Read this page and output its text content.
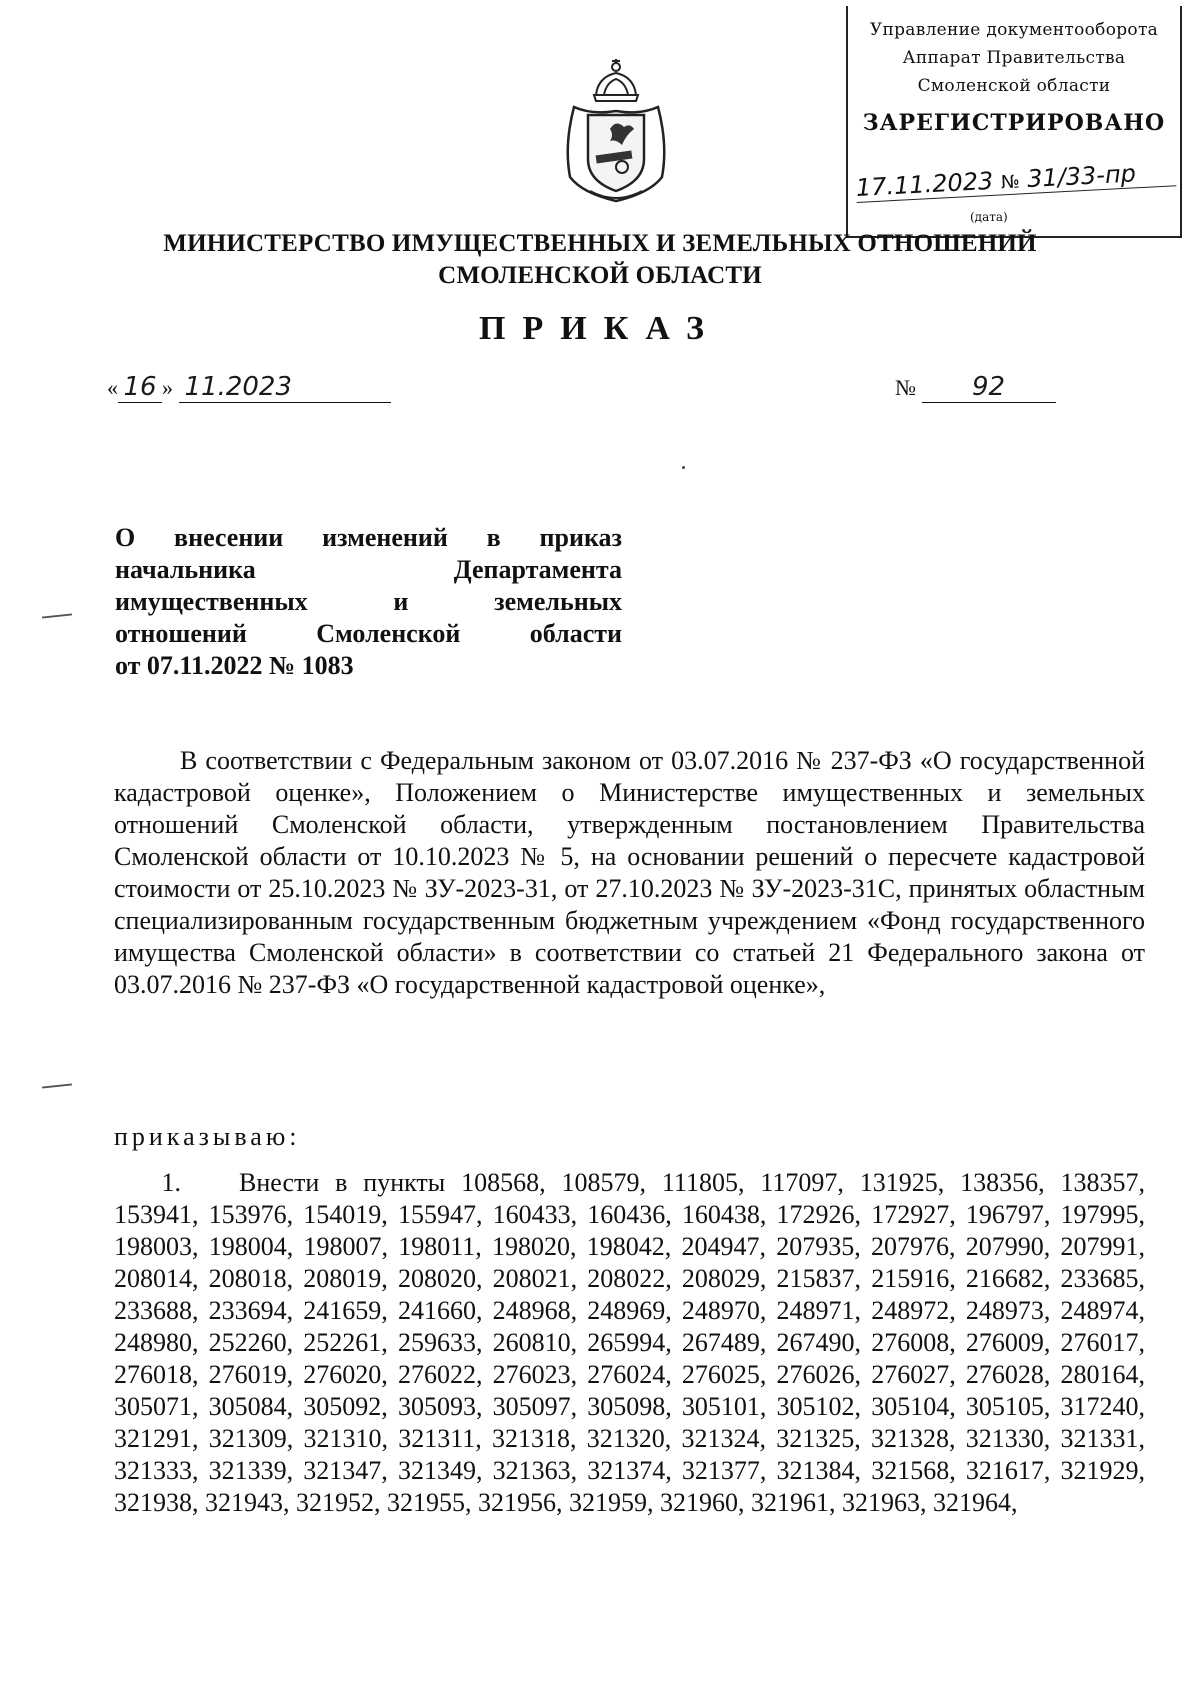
Управление документооборота
Аппарат Правительства
Смоленской области
ЗАРЕГИСТРИРОВАНО
17.11.2023 № 31/33-пр
(дата)
МИНИСТЕРСТВО ИМУЩЕСТВЕННЫХ И ЗЕМЕЛЬНЫХ ОТНОШЕНИЙ
СМОЛЕНСКОЙ ОБЛАСТИ
ПРИКАЗ
« 16 » 11.2023	№ 92
О внесении изменений в приказ
начальника	Департамента
имущественных	и	земельных
отношений	Смоленской	области
от 07.11.2022 № 1083
В соответствии с Федеральным законом от 03.07.2016 № 237-ФЗ «О государственной кадастровой оценке», Положением о Министерстве имущественных и земельных отношений Смоленской области, утвержденным постановлением Правительства Смоленской области от 10.10.2023 № 5, на основании решений о пересчете кадастровой стоимости от 25.10.2023 № ЗУ-2023-31, от 27.10.2023 № ЗУ-2023-31С, принятых областным специализированным государственным бюджетным учреждением «Фонд государственного имущества Смоленской области» в соответствии со статьей 21 Федерального закона от 03.07.2016 № 237-ФЗ «О государственной кадастровой оценке»,
приказываю:
1. Внести в пункты 108568, 108579, 111805, 117097, 131925, 138356, 138357, 153941, 153976, 154019, 155947, 160433, 160436, 160438, 172926, 172927, 196797, 197995, 198003, 198004, 198007, 198011, 198020, 198042, 204947, 207935, 207976, 207990, 207991, 208014, 208018, 208019, 208020, 208021, 208022, 208029, 215837, 215916, 216682, 233685, 233688, 233694, 241659, 241660, 248968, 248969, 248970, 248971, 248972, 248973, 248974, 248980, 252260, 252261, 259633, 260810, 265994, 267489, 267490, 276008, 276009, 276017, 276018, 276019, 276020, 276022, 276023, 276024, 276025, 276026, 276027, 276028, 280164, 305071, 305084, 305092, 305093, 305097, 305098, 305101, 305102, 305104, 305105, 317240, 321291, 321309, 321310, 321311, 321318, 321320, 321324, 321325, 321328, 321330, 321331, 321333, 321339, 321347, 321349, 321363, 321374, 321377, 321384, 321568, 321617, 321929, 321938, 321943, 321952, 321955, 321956, 321959, 321960, 321961, 321963, 321964,
